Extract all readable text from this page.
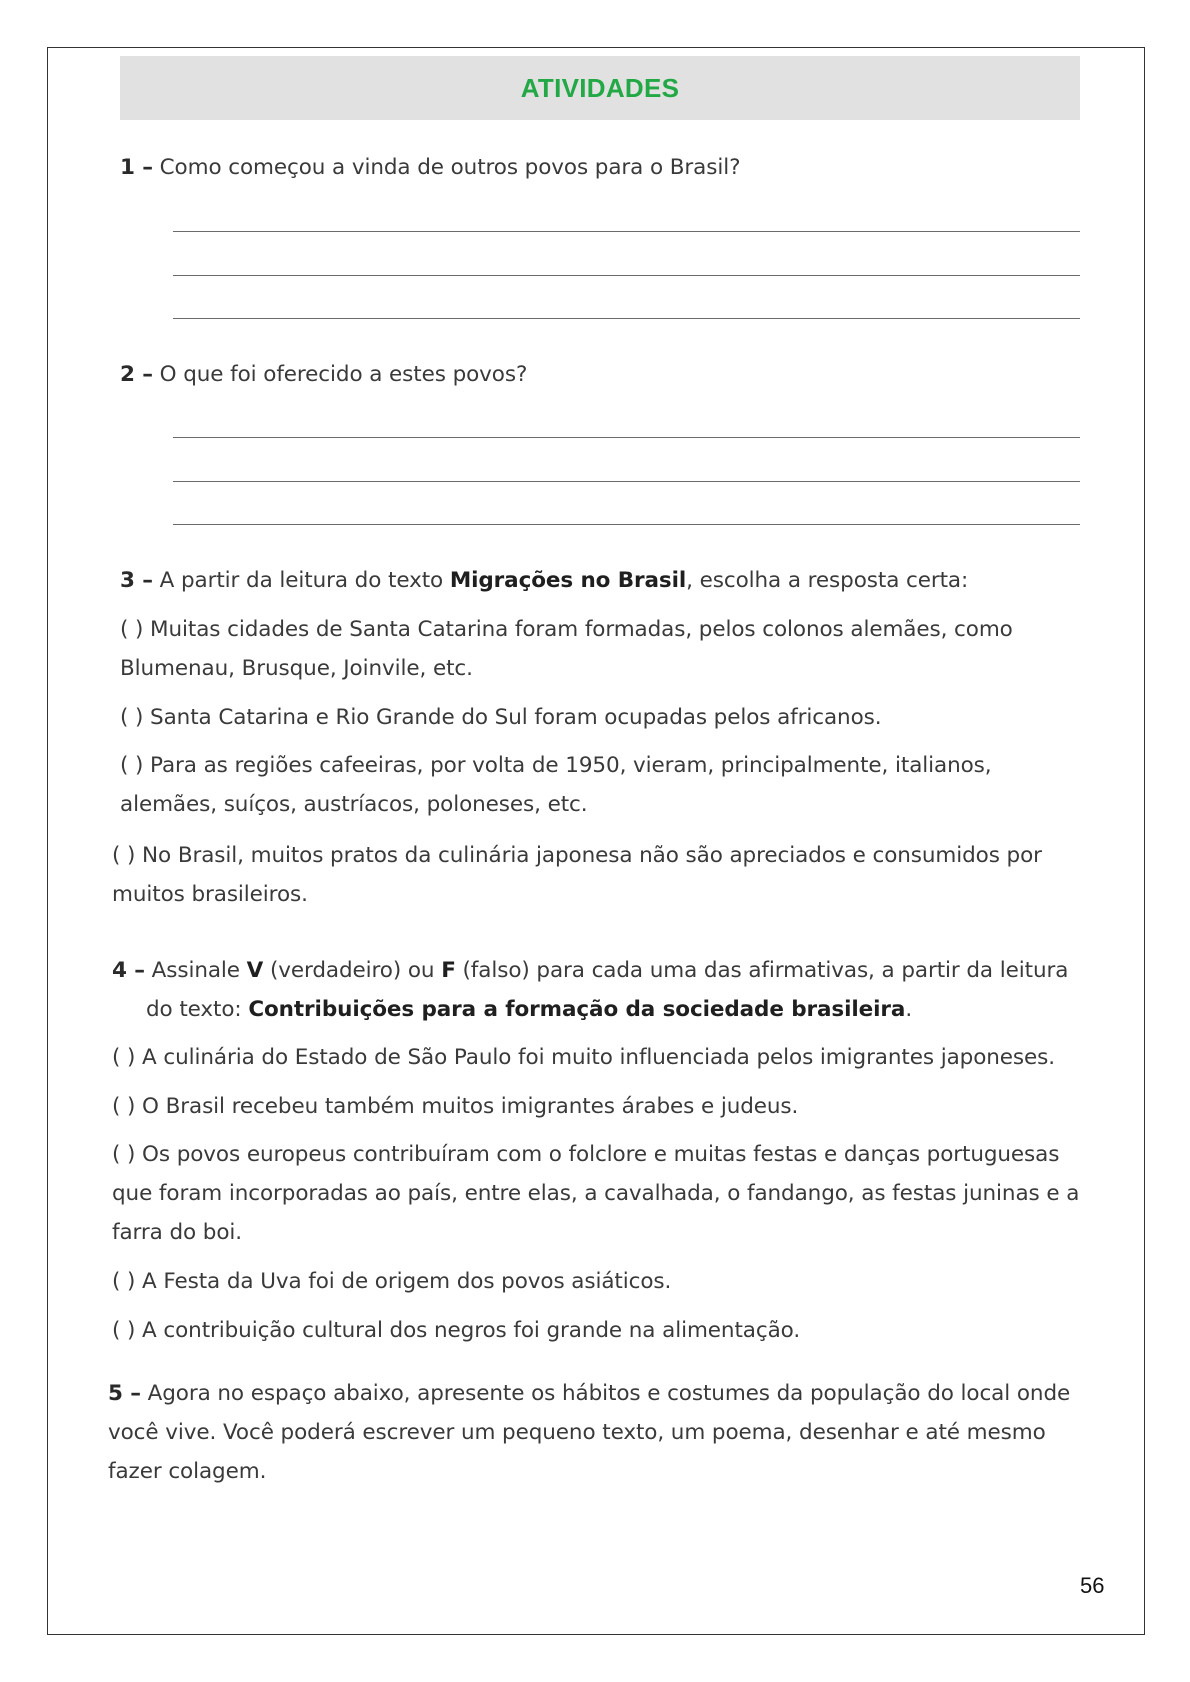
ATIVIDADES
1 – Como começou a vinda de outros povos para o Brasil?
2 – O que foi oferecido a estes povos?
3 – A partir da leitura do texto Migrações no Brasil, escolha a resposta certa:
( ) Muitas cidades de Santa Catarina foram formadas, pelos colonos alemães, como Blumenau, Brusque, Joinvile, etc.
( ) Santa Catarina e Rio Grande do Sul foram ocupadas pelos africanos.
( ) Para as regiões cafeeiras, por volta de 1950, vieram, principalmente, italianos, alemães, suíços, austríacos, poloneses, etc.
( ) No Brasil, muitos pratos da culinária japonesa não são apreciados e consumidos por muitos brasileiros.
4 – Assinale V (verdadeiro) ou F (falso) para cada uma das afirmativas, a partir da leitura
do texto: Contribuições para a formação da sociedade brasileira.
( ) A culinária do Estado de São Paulo foi muito influenciada pelos imigrantes japoneses.
( ) O Brasil recebeu também muitos imigrantes árabes e judeus.
( ) Os povos europeus contribuíram com o folclore e muitas festas e danças portuguesas que foram incorporadas ao país, entre elas, a cavalhada, o fandango, as festas juninas e a farra do boi.
( ) A Festa da Uva foi de origem dos povos asiáticos.
( ) A contribuição cultural dos negros foi grande na alimentação.
5 – Agora no espaço abaixo, apresente os hábitos e costumes da população do local onde você vive. Você poderá escrever um pequeno texto, um poema, desenhar e até mesmo fazer colagem.
56
